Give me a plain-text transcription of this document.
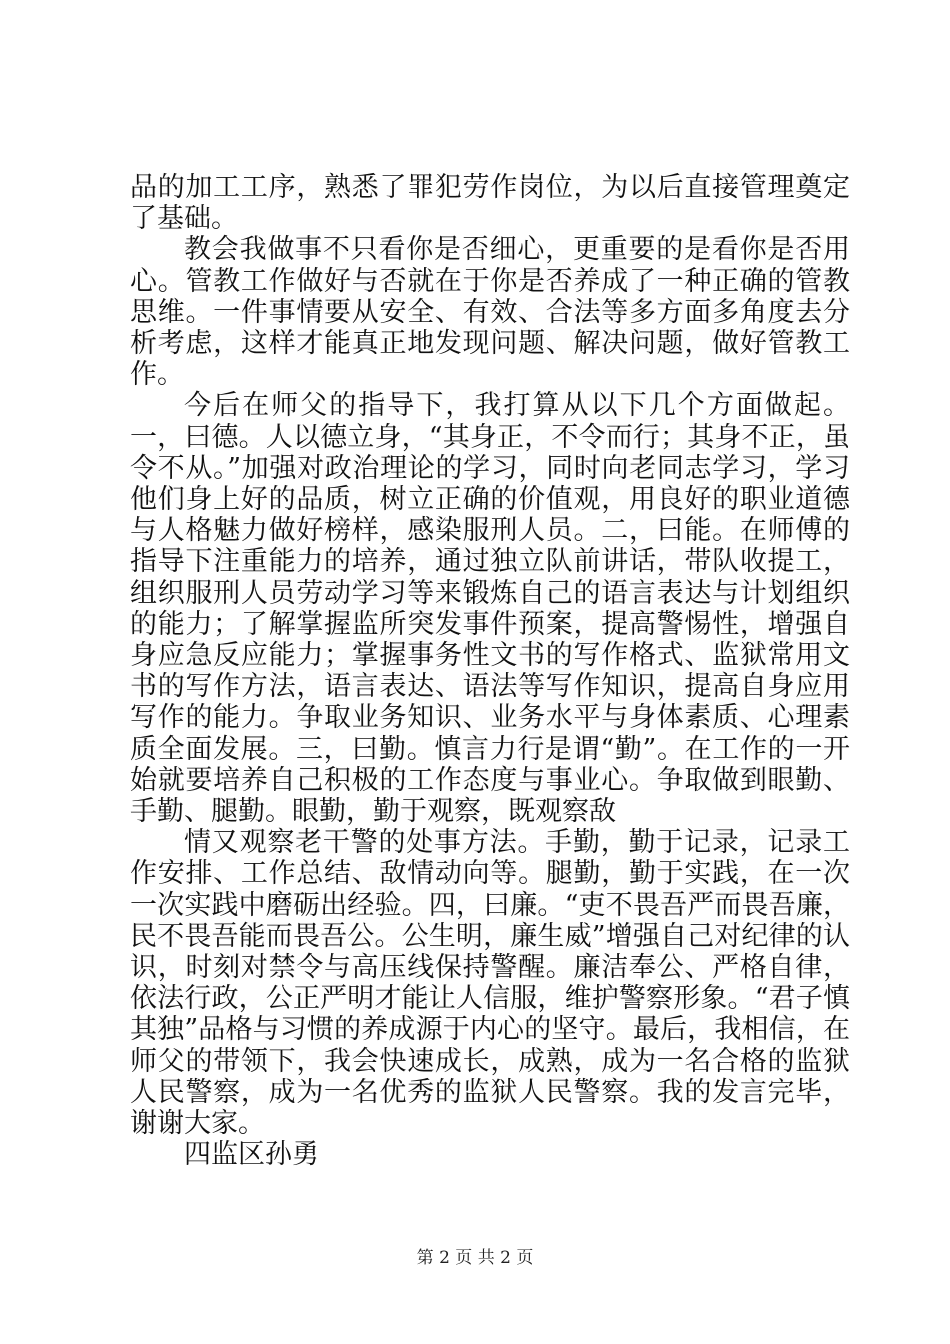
品的加工工序，熟悉了罪犯劳作岗位，为以后直接管理奠定了基础。

教会我做事不只看你是否细心，更重要的是看你是否用心。管教工作做好与否就在于你是否养成了一种正确的管教思维。一件事情要从安全、有效、合法等多方面多角度去分析考虑，这样才能真正地发现问题、解决问题，做好管教工作。

今后在师父的指导下，我打算从以下几个方面做起。一，曰德。人以德立身，“其身正，不令而行；其身不正，虽令不从。”加强对政治理论的学习，同时向老同志学习，学习他们身上好的品质，树立正确的价值观，用良好的职业道德与人格魅力做好榜样，感染服刑人员。二，曰能。在师傅的指导下注重能力的培养，通过独立队前讲话，带队收提工，组织服刑人员劳动学习等来锻炼自己的语言表达与计划组织的能力；了解掌握监所突发事件预案，提高警惕性，增强自身应急反应能力；掌握事务性文书的写作格式、监狱常用文书的写作方法，语言表达、语法等写作知识，提高自身应用写作的能力。争取业务知识、业务水平与身体素质、心理素质全面发展。三，曰勤。慎言力行是谓“勤”。在工作的一开始就要培养自己积极的工作态度与事业心。争取做到眼勤、手勤、腿勤。眼勤，勤于观察，既观察敌

情又观察老干警的处事方法。手勤，勤于记录，记录工作安排、工作总结、敌情动向等。腿勤，勤于实践，在一次一次实践中磨砺出经验。四，曰廉。“吏不畏吾严而畏吾廉，民不畏吾能而畏吾公。公生明，廉生威”增强自己对纪律的认识，时刻对禁令与高压线保持警醒。廉洁奉公、严格自律，依法行政，公正严明才能让人信服，维护警察形象。“君子慎其独”品格与习惯的养成源于内心的坚守。最后，我相信，在师父的带领下，我会快速成长，成熟，成为一名合格的监狱人民警察，成为一名优秀的监狱人民警察。我的发言完毕，谢谢大家。

四监区孙勇

第 2 页 共 2 页
